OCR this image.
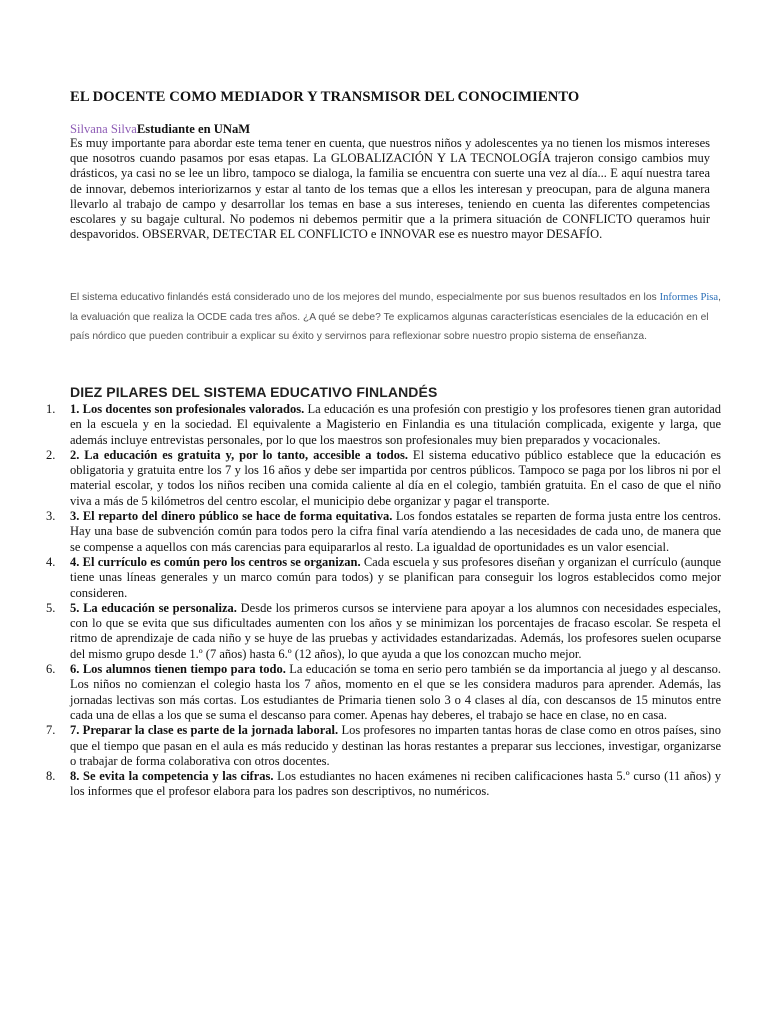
EL DOCENTE COMO MEDIADOR Y TRANSMISOR DEL CONOCIMIENTO
Silvana SilvaEstudiante en UNaM

Es muy importante para abordar este tema tener en cuenta, que nuestros niños y adolescentes ya no tienen los mismos intereses que nosotros cuando pasamos por esas etapas. La GLOBALIZACIÓN Y LA TECNOLOGÍA trajeron consigo cambios muy drásticos, ya casi no se lee un libro, tampoco se dialoga, la familia se encuentra con suerte una vez al día... E aquí nuestra tarea de innovar, debemos interiorizarnos y estar al tanto de los temas que a ellos les interesan y preocupan, para de alguna manera llevarlo al trabajo de campo y desarrollar los temas en base a sus intereses, teniendo en cuenta las diferentes competencias escolares y su bagaje cultural. No podemos ni debemos permitir que a la primera situación de CONFLICTO queramos huir despavoridos. OBSERVAR, DETECTAR EL CONFLICTO e INNOVAR ese es nuestro mayor DESAFÍO.

El sistema educativo finlandés está considerado uno de los mejores del mundo, especialmente por sus buenos resultados en los Informes Pisa, la evaluación que realiza la OCDE cada tres años. ¿A qué se debe? Te explicamos algunas características esenciales de la educación en el país nórdico que pueden contribuir a explicar su éxito y servirnos para reflexionar sobre nuestro propio sistema de enseñanza.

DIEZ PILARES DEL SISTEMA EDUCATIVO FINLANDÉS
1. 1. Los docentes son profesionales valorados. La educación es una profesión con prestigio y los profesores tienen gran autoridad en la escuela y en la sociedad. El equivalente a Magisterio en Finlandia es una titulación complicada, exigente y larga, que además incluye entrevistas personales, por lo que los maestros son profesionales muy bien preparados y vocacionales.
2. 2. La educación es gratuita y, por lo tanto, accesible a todos. El sistema educativo público establece que la educación es obligatoria y gratuita entre los 7 y los 16 años y debe ser impartida por centros públicos. Tampoco se paga por los libros ni por el material escolar, y todos los niños reciben una comida caliente al día en el colegio, también gratuita. En el caso de que el niño viva a más de 5 kilómetros del centro escolar, el municipio debe organizar y pagar el transporte.
3. 3. El reparto del dinero público se hace de forma equitativa. Los fondos estatales se reparten de forma justa entre los centros. Hay una base de subvención común para todos pero la cifra final varía atendiendo a las necesidades de cada uno, de manera que se compense a aquellos con más carencias para equipararlos al resto. La igualdad de oportunidades es un valor esencial.
4. 4. El currículo es común pero los centros se organizan. Cada escuela y sus profesores diseñan y organizan el currículo (aunque tiene unas líneas generales y un marco común para todos) y se planifican para conseguir los logros establecidos como mejor consideren.
5. 5. La educación se personaliza. Desde los primeros cursos se interviene para apoyar a los alumnos con necesidades especiales, con lo que se evita que sus dificultades aumenten con los años y se minimizan los porcentajes de fracaso escolar. Se respeta el ritmo de aprendizaje de cada niño y se huye de las pruebas y actividades estandarizadas. Además, los profesores suelen ocuparse del mismo grupo desde 1.º (7 años) hasta 6.º (12 años), lo que ayuda a que los conozcan mucho mejor.
6. 6. Los alumnos tienen tiempo para todo. La educación se toma en serio pero también se da importancia al juego y al descanso. Los niños no comienzan el colegio hasta los 7 años, momento en el que se les considera maduros para aprender. Además, las jornadas lectivas son más cortas. Los estudiantes de Primaria tienen solo 3 o 4 clases al día, con descansos de 15 minutos entre cada una de ellas a los que se suma el descanso para comer. Apenas hay deberes, el trabajo se hace en clase, no en casa.
7. 7. Preparar la clase es parte de la jornada laboral. Los profesores no imparten tantas horas de clase como en otros países, sino que el tiempo que pasan en el aula es más reducido y destinan las horas restantes a preparar sus lecciones, investigar, organizarse o trabajar de forma colaborativa con otros docentes.
8. 8. Se evita la competencia y las cifras. Los estudiantes no hacen exámenes ni reciben calificaciones hasta 5.º curso (11 años) y los informes que el profesor elabora para los padres son descriptivos, no numéricos.
